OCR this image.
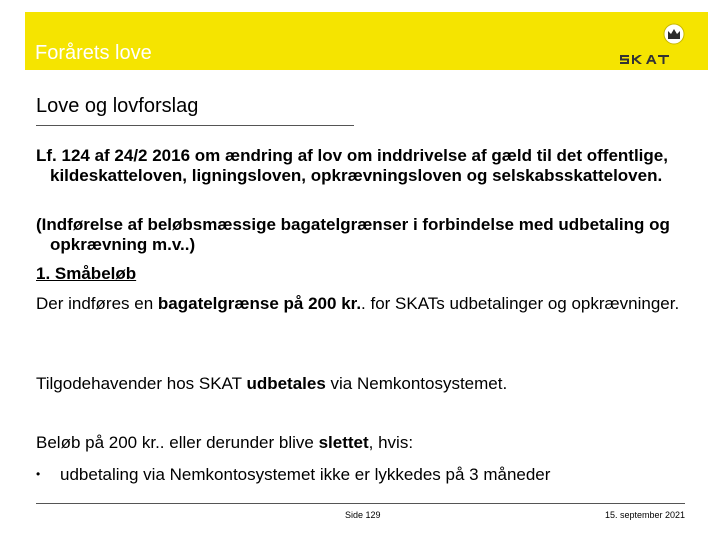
Forårets love
Love og lovforslag
Lf. 124 af 24/2 2016 om ændring af lov om inddrivelse af gæld til det offentlige, kildeskatteloven, ligningsloven, opkrævningsloven og selskabsskatteloven.
(Indførelse af beløbsmæssige bagatelgrænser i forbindelse med udbetaling og opkrævning m.v..)
1. Småbeløb
Der indføres en bagatelgrænse på 200 kr.. for SKATs udbetalinger og opkrævninger.
Tilgodehavender hos SKAT udbetales via Nemkontosystemet.
Beløb på 200 kr.. eller derunder blive slettet, hvis:
• udbetaling via Nemkontosystemet ikke er lykkedes på 3 måneder
Side 129	15. september 2021
